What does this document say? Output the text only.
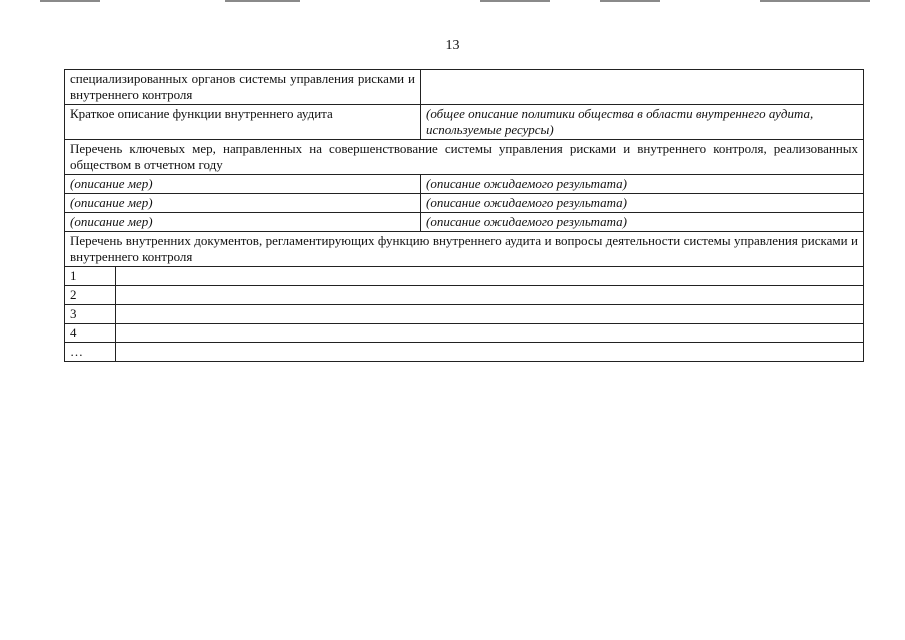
13
специализированных органов системы управления рисками и внутреннего контроля		
Краткое описание функции внутреннего аудита		(общее описание политики общества в области внутреннего аудита, используемые ресурсы)
Перечень ключевых мер, направленных на совершенствование системы управления рисками и внутреннего контроля, реализованных обществом в отчетном году		
(описание мер)		(описание ожидаемого результата)
(описание мер)		(описание ожидаемого результата)
(описание мер)		(описание ожидаемого результата)
Перечень внутренних документов, регламентирующих функцию внутреннего аудита и вопросы деятельности системы управления рисками и внутреннего контроля		
1		
2		
3		
4		
…		
